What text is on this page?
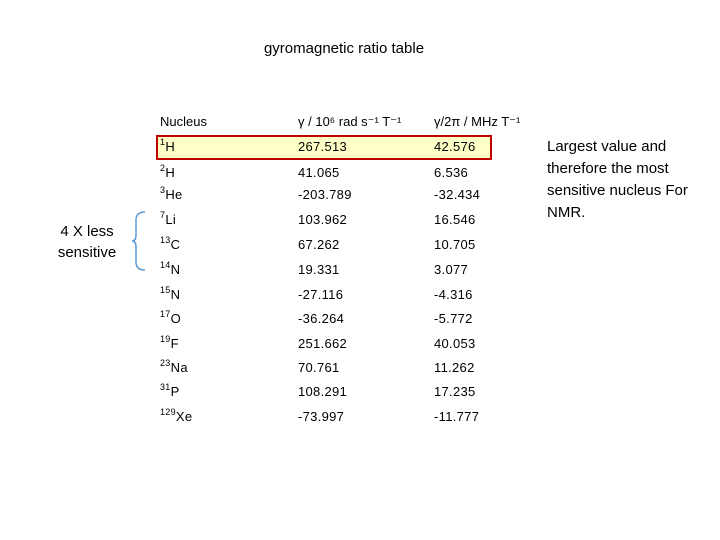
gyromagnetic ratio table
Nucleus	γ / 10⁶ rad s⁻¹ T⁻¹	γ/2π / MHz T⁻¹
$^1$H	267.513	42.576
$^2$H	41.065	6.536
$^3$He	-203.789	-32.434
$^7$Li	103.962	16.546
$^{13}$C	67.262	10.705
$^{14}$N	19.331	3.077
$^{15}$N	-27.116	-4.316
$^{17}$O	-36.264	-5.772
$^{19}$F	251.662	40.053
$^{23}$Na	70.761	11.262
$^{31}$P	108.291	17.235
$^{129}$Xe	-73.997	-11.777
Largest value and therefore the most sensitive nucleus For NMR.
4 X less sensitive
